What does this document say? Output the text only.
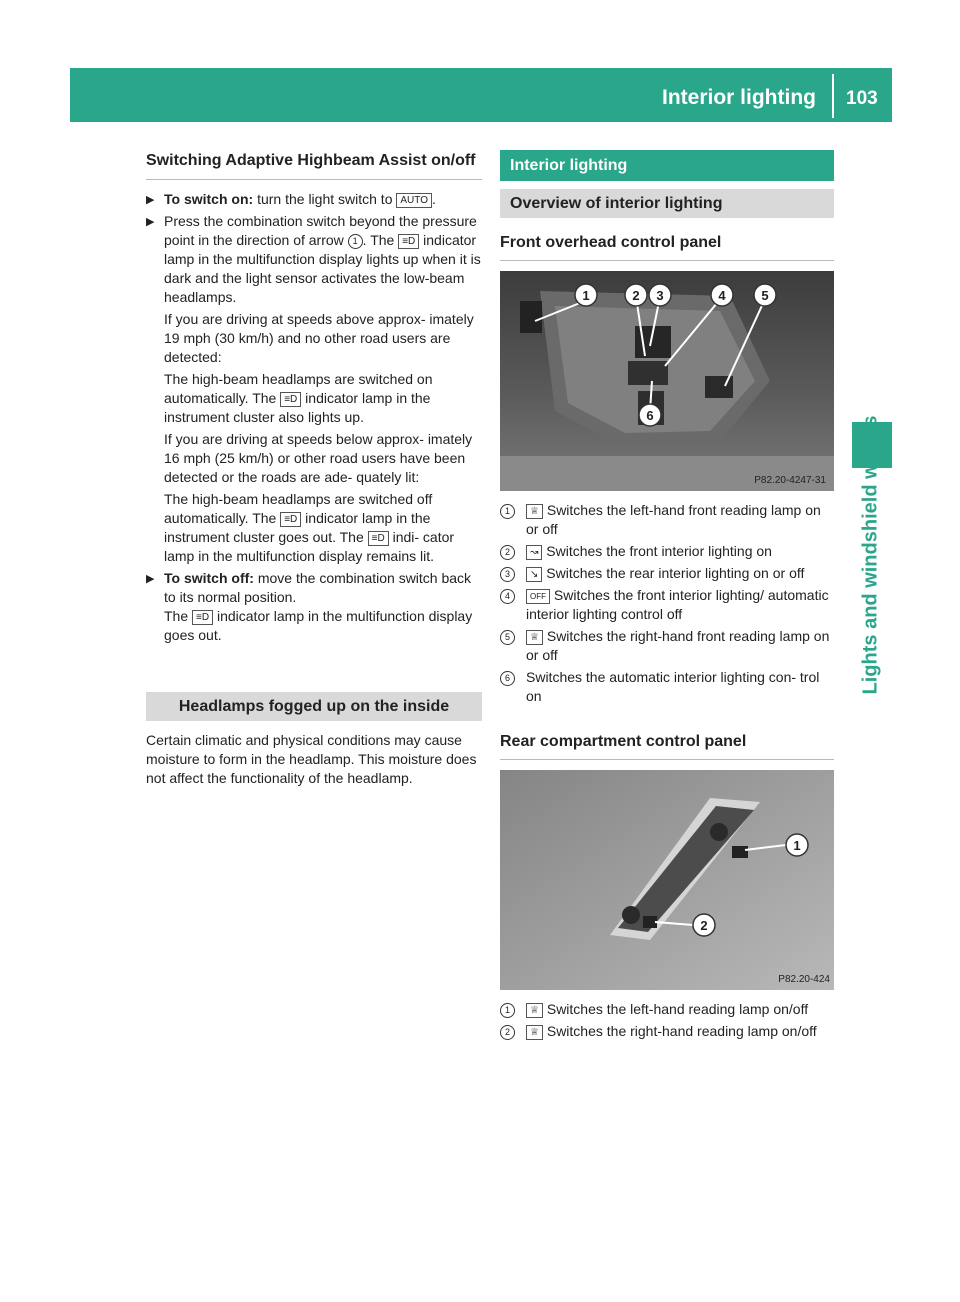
Interior lighting 103
Lights and windshield wipers
Switching Adaptive Highbeam Assist on/off
▶ To switch on: turn the light switch to AUTO .
▶ Press the combination switch beyond the pressure point in the direction of arrow 1 . The ≡D indicator lamp in the multifunction display lights up when it is dark and the light sensor activates the low-beam headlamps.
If you are driving at speeds above approx- imately 19 mph (30 km/h) and no other road users are detected:
The high-beam headlamps are switched on automatically. The ≡D indicator lamp in the instrument cluster also lights up.
If you are driving at speeds below approx- imately 16 mph (25 km/h) or other road users have been detected or the roads are ade- quately lit:
The high-beam headlamps are switched off automatically. The ≡D indicator lamp in the instrument cluster goes out. The ≡D indi- cator lamp in the multifunction display remains lit.
▶ To switch off: move the combination switch back to its normal position.
The ≡D indicator lamp in the multifunction display goes out.
Headlamps fogged up on the inside
Certain climatic and physical conditions may cause moisture to form in the headlamp. This moisture does not affect the functionality of the headlamp.
Interior lighting
Overview of interior lighting
Front overhead control panel
1	2 3	4	5
6
P82.20-4247-31
1	♕ Switches the left-hand front reading lamp on or off
2	↝ Switches the front interior lighting on
3	↘ Switches the rear interior lighting on or off
4	OFF Switches the front interior lighting/ automatic interior lighting control off
5	♕ Switches the right-hand front reading lamp on or off
6	Switches the automatic interior lighting con- trol on
Rear compartment control panel
1
2
P82.20-424
1	♕ Switches the left-hand reading lamp on/off
2	♕ Switches the right-hand reading lamp on/off
